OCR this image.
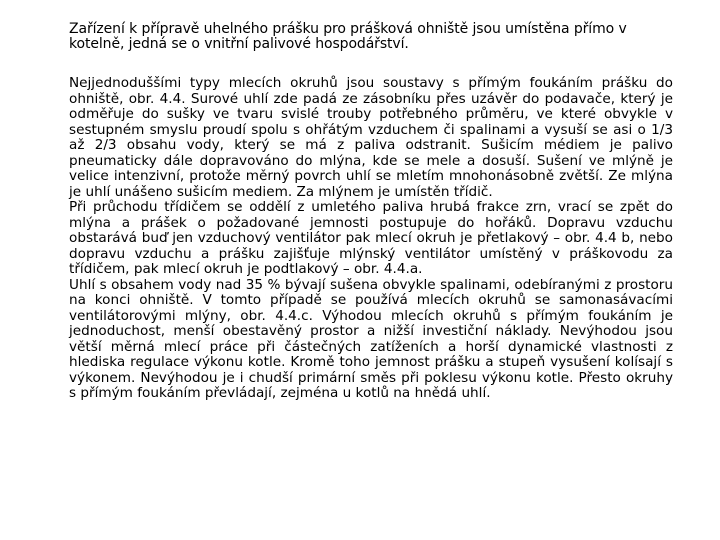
Zařízení k přípravě uhelného prášku pro prášková ohniště jsou umístěna přímo v kotelně, jedná se o vnitřní palivové hospodářství.

Nejjednoduššími typy mlecích okruhů jsou soustavy s přímým foukáním prášku do ohniště, obr. 4.4. Surové uhlí zde padá ze zásobníku přes uzávěr do podavače, který je odměřuje do sušky ve tvaru svislé trouby potřebného průměru, ve které obvykle v sestupném smyslu proudí spolu s ohřátým vzduchem či spalinami a vysuší se asi o 1/3 až 2/3 obsahu vody, který se má z paliva odstranit. Sušicím médiem je palivo pneumaticky dále dopravováno do mlýna, kde se mele a dosuší. Sušení ve mlýně je velice intenzivní, protože měrný povrch uhlí se mletím mnohonásobně zvětší. Ze mlýna je uhlí unášeno sušicím mediem. Za mlýnem je umístěn třídič.

Při průchodu třídičem se oddělí z umletého paliva hrubá frakce zrn, vrací se zpět do mlýna a prášek o požadované jemnosti postupuje do hořáků. Dopravu vzduchu obstarává buď jen vzduchový ventilátor pak mlecí okruh je přetlakový – obr. 4.4 b, nebo dopravu vzduchu a prášku zajišťuje mlýnský ventilátor umístěný v práškovodu za třídičem, pak mlecí okruh je podtlakový – obr. 4.4.a.

Uhlí s obsahem vody nad 35 % bývají sušena obvykle spalinami, odebíranými z prostoru na konci ohniště. V tomto případě se používá mlecích okruhů se samonasávacími ventilátorovými mlýny, obr. 4.4.c. Výhodou mlecích okruhů s přímým foukáním je jednoduchost, menší obestavěný prostor a nižší investiční náklady. Nevýhodou jsou větší měrná mlecí práce při částečných zatíženích a horší dynamické vlastnosti z hlediska regulace výkonu kotle. Kromě toho jemnost prášku a stupeň vysušení kolísají s výkonem. Nevýhodou je i chudší primární směs při poklesu výkonu kotle. Přesto okruhy s přímým foukáním převládají, zejména u kotlů na hnědá uhlí.
